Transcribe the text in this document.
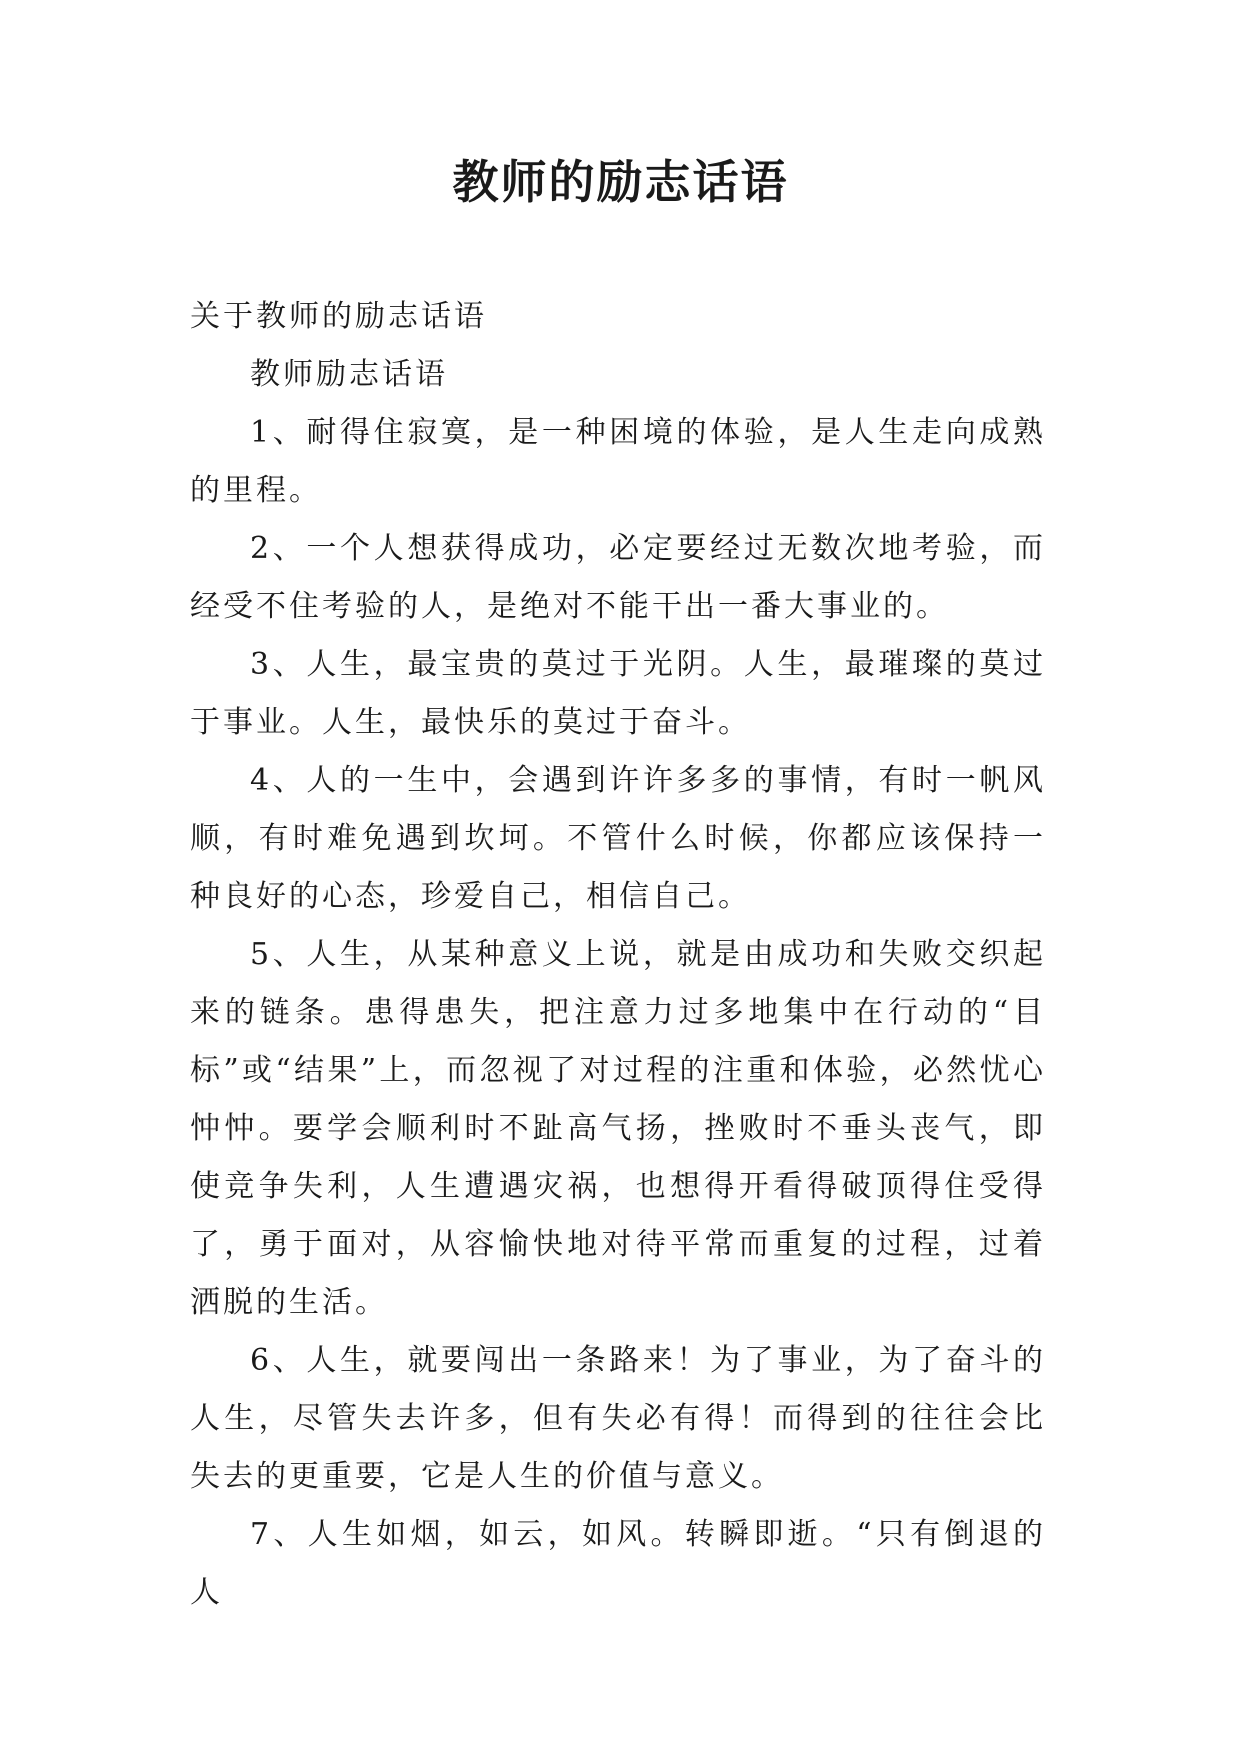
教师的励志话语

关于教师的励志话语

教师励志话语

1、耐得住寂寞，是一种困境的体验，是人生走向成熟的里程。

2、一个人想获得成功，必定要经过无数次地考验，而经受不住考验的人，是绝对不能干出一番大事业的。

3、人生，最宝贵的莫过于光阴。人生，最璀璨的莫过于事业。人生，最快乐的莫过于奋斗。

4、人的一生中，会遇到许许多多的事情，有时一帆风顺，有时难免遇到坎坷。不管什么时候，你都应该保持一种良好的心态，珍爱自己，相信自己。

5、人生，从某种意义上说，就是由成功和失败交织起来的链条。患得患失，把注意力过多地集中在行动的“目标”或“结果”上，而忽视了对过程的注重和体验，必然忧心忡忡。要学会顺利时不趾高气扬，挫败时不垂头丧气，即使竞争失利，人生遭遇灾祸，也想得开看得破顶得住受得了，勇于面对，从容愉快地对待平常而重复的过程，过着洒脱的生活。

6、人生，就要闯出一条路来！为了事业，为了奋斗的人生，尽管失去许多，但有失必有得！而得到的往往会比失去的更重要，它是人生的价值与意义。

7、人生如烟，如云，如风。转瞬即逝。“只有倒退的人
